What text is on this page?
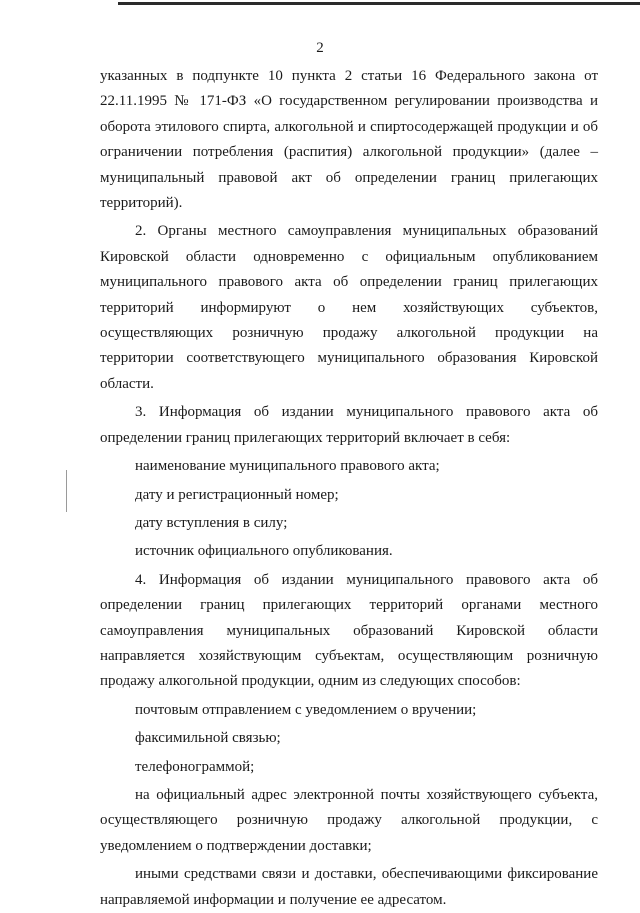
2

указанных в подпункте 10 пункта 2 статьи 16 Федерального закона от 22.11.1995 № 171-ФЗ «О государственном регулировании производства и оборота этилового спирта, алкогольной и спиртосодержащей продукции и об ограничении потребления (распития) алкогольной продукции» (далее – муниципальный правовой акт об определении границ прилегающих территорий).

2. Органы местного самоуправления муниципальных образований Кировской области одновременно с официальным опубликованием муниципального правового акта об определении границ прилегающих территорий информируют о нем хозяйствующих субъектов, осуществляющих розничную продажу алкогольной продукции на территории соответствующего муниципального образования Кировской области.

3. Информация об издании муниципального правового акта об определении границ прилегающих территорий включает в себя:

наименование муниципального правового акта;

дату и регистрационный номер;

дату вступления в силу;

источник официального опубликования.

4. Информация об издании муниципального правового акта об определении границ прилегающих территорий органами местного самоуправления муниципальных образований Кировской области направляется хозяйствующим субъектам, осуществляющим розничную продажу алкогольной продукции, одним из следующих способов:

почтовым отправлением с уведомлением о вручении;

факсимильной связью;

телефонограммой;

на официальный адрес электронной почты хозяйствующего субъекта, осуществляющего розничную продажу алкогольной продукции, с уведомлением о подтверждении доставки;

иными средствами связи и доставки, обеспечивающими фиксирование направляемой информации и получение ее адресатом.
